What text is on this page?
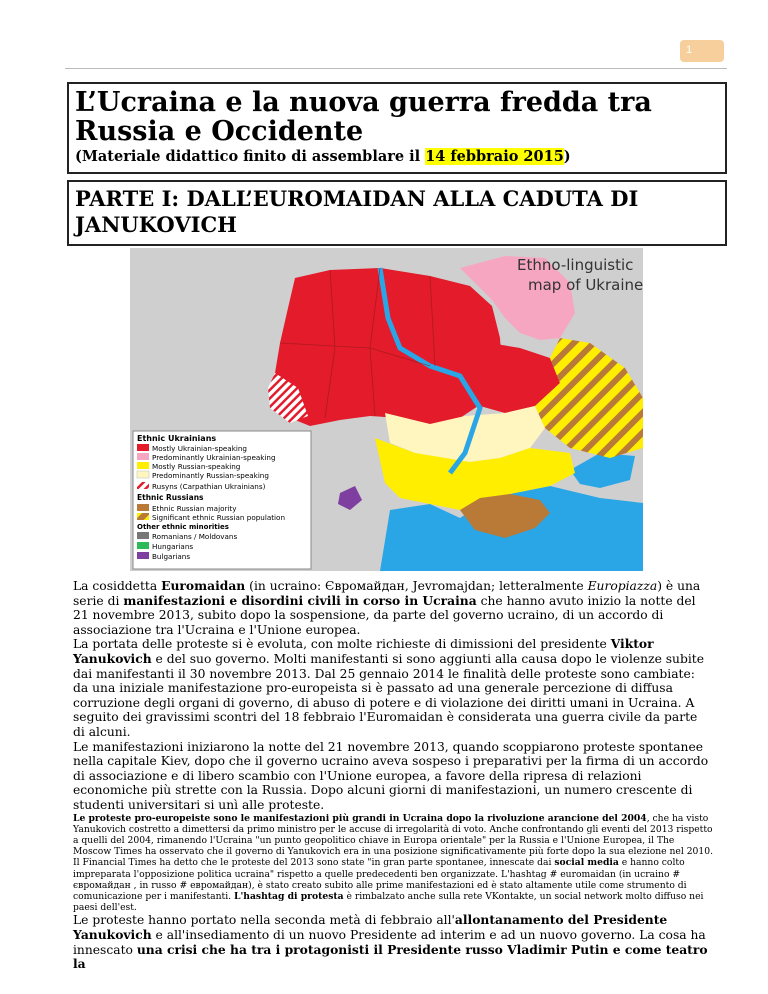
1
L’Ucraina e la nuova guerra fredda tra Russia e Occidente
(Materiale didattico finito di assemblare il 14 febbraio 2015)
PARTE I: DALL’EUROMAIDAN ALLA CADUTA DI JANUKOVICH
Ethno-linguistic
map of Ukraine
Ethnic Ukrainians
Mostly Ukrainian-speaking
Predominantly Ukrainian-speaking
Mostly Russian-speaking
Predominantly Russian-speaking
Rusyns (Carpathian Ukrainians)
Ethnic Russians
Ethnic Russian majority
Significant ethnic Russian population
Other ethnic minorities
Romanians / Moldovans
Hungarians
Bulgarians

La cosiddetta Euromaidan (in ucraino: Євромайдан, Jevromajdan; letteralmente Europiazza) è una serie di manifestazioni e disordini civili in corso in Ucraina che hanno avuto inizio la notte del 21 novembre 2013, subito dopo la sospensione, da parte del governo ucraino, di un accordo di associazione tra l'Ucraina e l'Unione europea.

La portata delle proteste si è evoluta, con molte richieste di dimissioni del presidente Viktor Yanukovich e del suo governo. Molti manifestanti si sono aggiunti alla causa dopo le violenze subite dai manifestanti il 30 novembre 2013. Dal 25 gennaio 2014 le finalità delle proteste sono cambiate: da una iniziale manifestazione pro-europeista si è passato ad una generale percezione di diffusa corruzione degli organi di governo, di abuso di potere e di violazione dei diritti umani in Ucraina. A seguito dei gravissimi scontri del 18 febbraio l'Euromaidan è considerata una guerra civile da parte di alcuni.

Le manifestazioni iniziarono la notte del 21 novembre 2013, quando scoppiarono proteste spontanee nella capitale Kiev, dopo che il governo ucraino aveva sospeso i preparativi per la firma di un accordo di associazione e di libero scambio con l'Unione europea, a favore della ripresa di relazioni economiche più strette con la Russia. Dopo alcuni giorni di manifestazioni, un numero crescente di studenti universitari si unì alle proteste.

Le proteste pro-europeiste sono le manifestazioni più grandi in Ucraina dopo la rivoluzione arancione del 2004, che ha visto Yanukovich costretto a dimettersi da primo ministro per le accuse di irregolarità di voto. Anche confrontando gli eventi del 2013 rispetto a quelli del 2004, rimanendo l'Ucraina "un punto geopolitico chiave in Europa orientale" per la Russia e l'Unione Europea, il The Moscow Times ha osservato che il governo di Yanukovich era in una posizione significativamente più forte dopo la sua elezione nel 2010. Il Financial Times ha detto che le proteste del 2013 sono state "in gran parte spontanee, innescate dai social media e hanno colto impreparata l'opposizione politica ucraina" rispetto a quelle predecedenti ben organizzate. L'hashtag # euromaidan (in ucraino # євромайдан , in russo # евромайдан), è stato creato subito alle prime manifestazioni ed è stato altamente utile come strumento di comunicazione per i manifestanti. L'hashtag di protesta è rimbalzato anche sulla rete VKontakte, un social network molto diffuso nei paesi dell'est.

Le proteste hanno portato nella seconda metà di febbraio all'allontanamento del Presidente Yanukovich e all'insediamento di un nuovo Presidente ad interim e ad un nuovo governo. La cosa ha innescato una crisi che ha tra i protagonisti il Presidente russo Vladimir Putin e come teatro la
